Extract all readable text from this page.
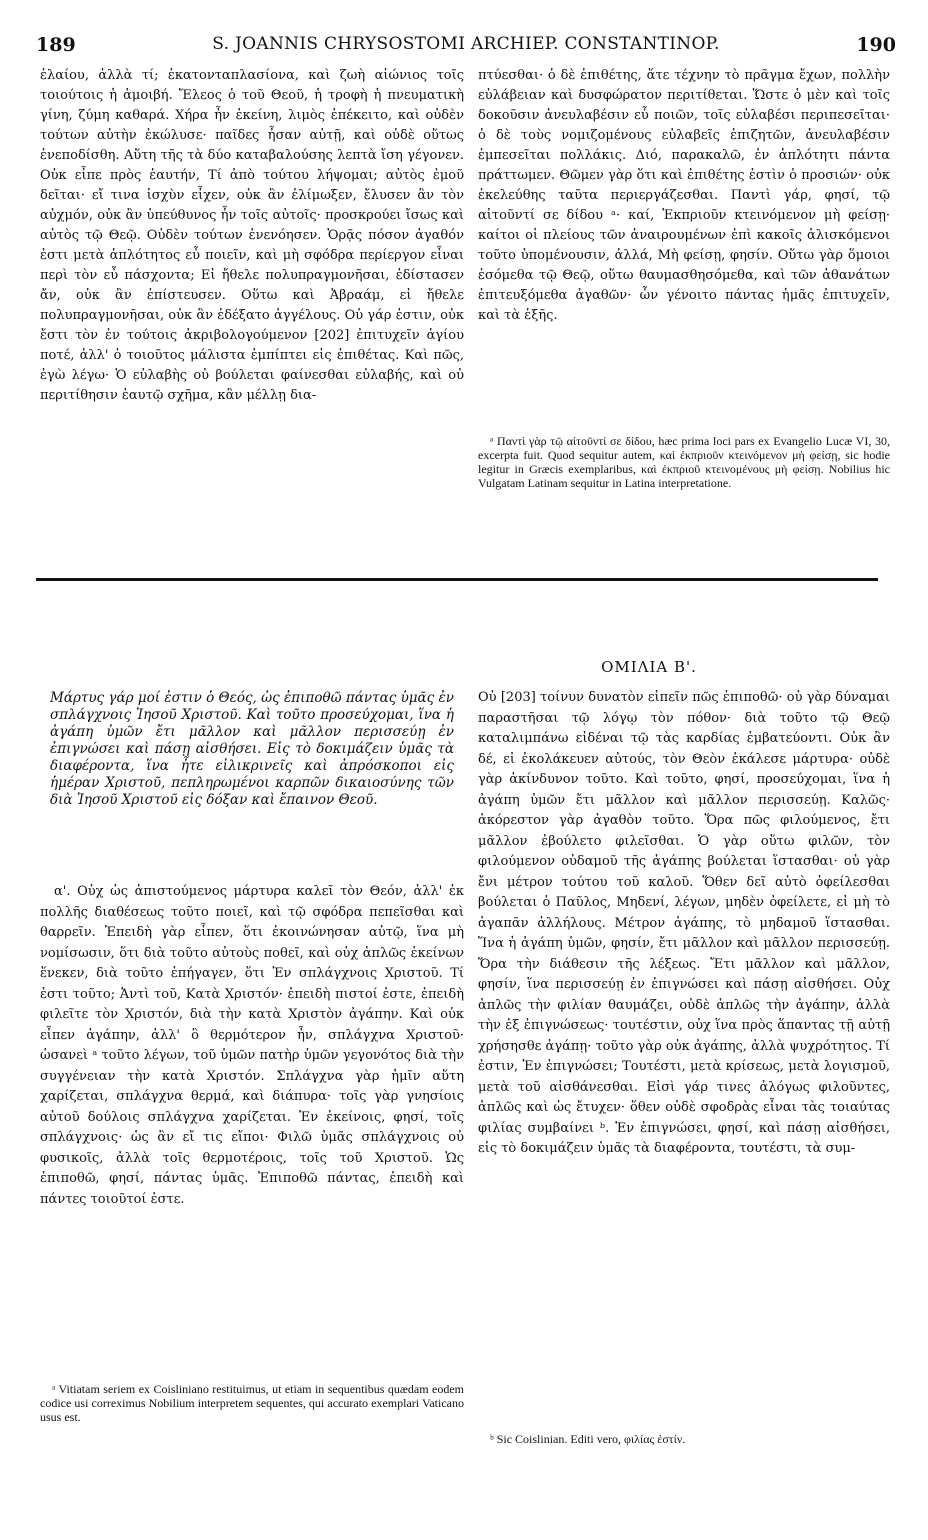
189	S. JOANNIS CHRYSOSTOMI ARCHIEP. CONSTANTINOP.	190

ἐλαίου, ἀλλὰ τί; ἑκατονταπλασίονα, καὶ ζωὴ αἰώνιος τοῖς τοιούτοις ἡ ἀμοιβή. Ἔλεος ὁ τοῦ Θεοῦ, ἡ τροφὴ ἡ πνευματικὴ γίνη, ζύμη καθαρά. Χήρα ἦν ἐκείνη, λιμὸς ἐπέκειτο, καὶ οὐδὲν τούτων αὐτὴν ἐκώλυσε· παῖδες ἦσαν αὐτῇ, καὶ οὐδὲ οὕτως ἐνεποδίσθη. Αὕτη τῆς τὰ δύο καταβαλούσης λεπτὰ ἴση γέγονεν. Οὐκ εἶπε πρὸς ἑαυτήν, Τί ἀπὸ τούτου λήψομαι; αὐτὸς ἐμοῦ δεῖται· εἴ τινα ἰσχὺν εἶχεν, οὐκ ἂν ἐλίμωξεν, ἔλυσεν ἂν τὸν αὐχμόν, οὐκ ἂν ὑπεύθυνος ἦν τοῖς αὐτοῖς· προσκρούει ἴσως καὶ αὐτὸς τῷ Θεῷ. Οὐδὲν τούτων ἐνενόησεν. Ὁρᾷς πόσον ἀγαθόν ἐστι μετὰ ἁπλότητος εὖ ποιεῖν, καὶ μὴ σφόδρα περίεργον εἶναι περὶ τὸν εὖ πάσχοντα; Εἰ ἤθελε πολυπραγμονῆσαι, ἐδίστασεν ἄν, οὐκ ἂν ἐπίστευσεν. Οὕτω καὶ Ἀβραάμ, εἰ ἤθελε πολυπραγμονῆσαι, οὐκ ἂν ἐδέξατο ἀγγέλους. Οὐ γάρ ἐστιν, οὐκ ἔστι τὸν ἐν τούτοις ἀκριβολογούμενον [202] ἐπιτυχεῖν ἁγίου ποτέ, ἀλλ' ὁ τοιοῦτος μάλιστα ἐμπίπτει εἰς ἐπιθέτας. Καὶ πῶς, ἐγὼ λέγω· Ὁ εὐλαβὴς οὐ βούλεται φαίνεσθαι εὐλαβής, καὶ οὐ περιτίθησιν ἑαυτῷ σχῆμα, κἂν μέλλῃ δια-

πτύεσθαι· ὁ δὲ ἐπιθέτης, ἅτε τέχνην τὸ πρᾶγμα ἔχων, πολλὴν εὐλάβειαν καὶ δυσφώρατον περιτίθεται. Ὥστε ὁ μὲν καὶ τοῖς δοκοῦσιν ἀνευλαβέσιν εὖ ποιῶν, τοῖς εὐλαβέσι περιπεσεῖται· ὁ δὲ τοὺς νομιζομένους εὐλαβεῖς ἐπιζητῶν, ἀνευλαβέσιν ἐμπεσεῖται πολλάκις. Διό, παρακαλῶ, ἐν ἁπλότητι πάντα πράττωμεν. Θῶμεν γὰρ ὅτι καὶ ἐπιθέτης ἐστὶν ὁ προσιών· οὐκ ἐκελεύθης ταῦτα περιεργάζεσθαι. Παντὶ γάρ, φησί, τῷ αἰτοῦντί σε δίδου ᵃ· καί, Ἐκπριοῦν κτεινόμενον μὴ φείσῃ· καίτοι οἱ πλείους τῶν ἀναιρουμένων ἐπὶ κακοῖς ἁλισκόμενοι τοῦτο ὑπομένουσιν, ἀλλά, Μὴ φείσῃ, φησίν. Οὕτω γὰρ ὅμοιοι ἐσόμεθα τῷ Θεῷ, οὕτω θαυμασθησόμεθα, καὶ τῶν ἀθανάτων ἐπιτευξόμεθα ἀγαθῶν· ὧν γένοιτο πάντας ἡμᾶς ἐπιτυχεῖν, καὶ τὰ ἑξῆς.

ᵃ Παντὶ γὰρ τῷ αἰτοῦντί σε δίδου, hæc prima loci pars ex Evangelio Lucæ VI, 30, excerpta fuit. Quod sequitur autem, καὶ ἐκπριοῦν κτεινόμενον μὴ φείσῃ, sic hodie legitur in Græcis exemplaribus, καὶ ἐκπριοῦ κτεινομένους μὴ φείσῃ. Nobilius hic Vulgatam Latinam sequitur in Latina interpretatione.

ΟΜΙΛΙΑ Β'.
Μάρτυς γάρ μοί ἐστιν ὁ Θεός, ὡς ἐπιποθῶ πάντας ὑμᾶς ἐν σπλάγχνοις Ἰησοῦ Χριστοῦ. Καὶ τοῦτο προσεύχομαι, ἵνα ἡ ἀγάπη ὑμῶν ἔτι μᾶλλον καὶ μᾶλλον περισσεύῃ ἐν ἐπιγνώσει καὶ πάσῃ αἰσθήσει. Εἰς τὸ δοκιμάζειν ὑμᾶς τὰ διαφέροντα, ἵνα ἦτε εἰλικρινεῖς καὶ ἀπρόσκοποι εἰς ἡμέραν Χριστοῦ, πεπληρωμένοι καρπῶν δικαιοσύνης τῶν διὰ Ἰησοῦ Χριστοῦ εἰς δόξαν καὶ ἔπαινον Θεοῦ.

α'. Οὐχ ὡς ἀπιστούμενος μάρτυρα καλεῖ τὸν Θεόν, ἀλλ' ἐκ πολλῆς διαθέσεως τοῦτο ποιεῖ, καὶ τῷ σφόδρα πεπεῖσθαι καὶ θαρρεῖν. Ἐπειδὴ γὰρ εἶπεν, ὅτι ἐκοινώνησαν αὐτῷ, ἵνα μὴ νομίσωσιν, ὅτι διὰ τοῦτο αὐτοὺς ποθεῖ, καὶ οὐχ ἁπλῶς ἐκείνων ἕνεκεν, διὰ τοῦτο ἐπήγαγεν, ὅτι Ἐν σπλάγχνοις Χριστοῦ. Τί ἐστι τοῦτο; Ἀντὶ τοῦ, Κατὰ Χριστόν· ἐπειδὴ πιστοί ἐστε, ἐπειδὴ φιλεῖτε τὸν Χριστόν, διὰ τὴν κατὰ Χριστὸν ἀγάπην. Καὶ οὐκ εἶπεν ἀγάπην, ἀλλ' ὃ θερμότερον ἦν, σπλάγχνα Χριστοῦ· ὡσανεὶ ᵃ τοῦτο λέγων, τοῦ ὑμῶν πατὴρ ὑμῶν γεγονότος διὰ τὴν συγγένειαν τὴν κατὰ Χριστόν. Σπλάγχνα γὰρ ἡμῖν αὕτη χαρίζεται, σπλάγχνα θερμά, καὶ διάπυρα· τοῖς γὰρ γνησίοις αὐτοῦ δούλοις σπλάγχνα χαρίζεται. Ἐν ἐκείνοις, φησί, τοῖς σπλάγχνοις· ὡς ἂν εἴ τις εἴποι· Φιλῶ ὑμᾶς σπλάγχνοις οὐ φυσικοῖς, ἀλλὰ τοῖς θερμοτέροις, τοῖς τοῦ Χριστοῦ. Ὡς ἐπιποθῶ, φησί, πάντας ὑμᾶς. Ἐπιποθῶ πάντας, ἐπειδὴ καὶ πάντες τοιοῦτοί ἐστε.

Οὐ [203] τοίνυν δυνατὸν εἰπεῖν πῶς ἐπιποθῶ· οὐ γὰρ δύναμαι παραστῆσαι τῷ λόγῳ τὸν πόθον· διὰ τοῦτο τῷ Θεῷ καταλιμπάνω εἰδέναι τῷ τὰς καρδίας ἐμβατεύοντι. Οὐκ ἂν δέ, εἰ ἐκολάκευεν αὐτούς, τὸν Θεὸν ἐκάλεσε μάρτυρα· οὐδὲ γὰρ ἀκίνδυνον τοῦτο. Καὶ τοῦτο, φησί, προσεύχομαι, ἵνα ἡ ἀγάπη ὑμῶν ἔτι μᾶλλον καὶ μᾶλλον περισσεύῃ. Καλῶς· ἀκόρεστον γὰρ ἀγαθὸν τοῦτο. Ὅρα πῶς φιλούμενος, ἔτι μᾶλλον ἐβούλετο φιλεῖσθαι. Ὁ γὰρ οὕτω φιλῶν, τὸν φιλούμενον οὐδαμοῦ τῆς ἀγάπης βούλεται ἵστασθαι· οὐ γὰρ ἔνι μέτρον τούτου τοῦ καλοῦ. Ὅθεν δεῖ αὐτὸ ὀφείλεσθαι βούλεται ὁ Παῦλος, Μηδενί, λέγων, μηδὲν ὀφείλετε, εἰ μὴ τὸ ἀγαπᾶν ἀλλήλους. Μέτρον ἀγάπης, τὸ μηδαμοῦ ἵστασθαι. Ἵνα ἡ ἀγάπη ὑμῶν, φησίν, ἔτι μᾶλλον καὶ μᾶλλον περισσεύῃ. Ὅρα τὴν διάθεσιν τῆς λέξεως. Ἔτι μᾶλλον καὶ μᾶλλον, φησίν, ἵνα περισσεύῃ ἐν ἐπιγνώσει καὶ πάσῃ αἰσθήσει. Οὐχ ἁπλῶς τὴν φιλίαν θαυμάζει, οὐδὲ ἁπλῶς τὴν ἀγάπην, ἀλλὰ τὴν ἐξ ἐπιγνώσεως· τουτέστιν, οὐχ ἵνα πρὸς ἅπαντας τῇ αὐτῇ χρήσησθε ἀγάπῃ· τοῦτο γὰρ οὐκ ἀγάπης, ἀλλὰ ψυχρότητος. Τί ἐστιν, Ἐν ἐπιγνώσει; Τουτέστι, μετὰ κρίσεως, μετὰ λογισμοῦ, μετὰ τοῦ αἰσθάνεσθαι. Εἰσὶ γάρ τινες ἀλόγως φιλοῦντες, ἁπλῶς καὶ ὡς ἔτυχεν· ὅθεν οὐδὲ σφοδρὰς εἶναι τὰς τοιαύτας φιλίας συμβαίνει ᵇ. Ἐν ἐπιγνώσει, φησί, καὶ πάσῃ αἰσθήσει, εἰς τὸ δοκιμάζειν ὑμᾶς τὰ διαφέροντα, τουτέστι, τὰ συμ-

ᵃ Vitiatam seriem ex Coisliniano restituimus, ut etiam in sequentibus quædam eodem codice usi correximus Nobilium interpretem sequentes, qui accurato exemplari Vaticano usus est.

ᵇ Sic Coislinian. Editi vero, φιλίας ἐστίν.
